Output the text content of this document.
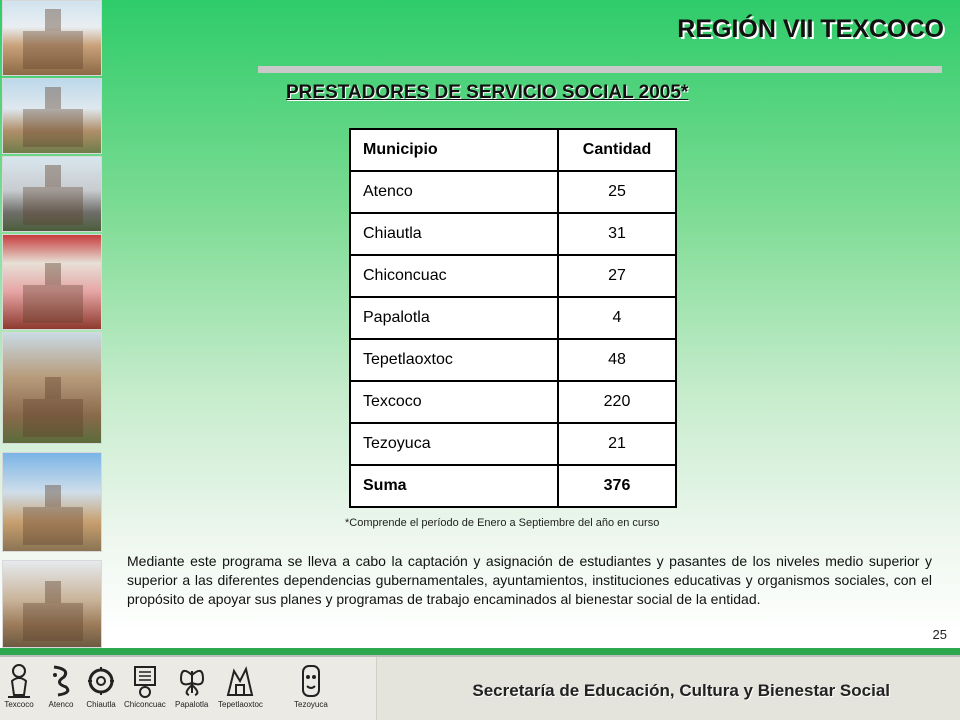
REGIÓN VII TEXCOCO
PRESTADORES DE SERVICIO SOCIAL 2005*
Municipio	Cantidad
Atenco	25
Chiautla	31
Chiconcuac	27
Papalotla	4
Tepetlaoxtoc	48
Texcoco	220
Tezoyuca	21
Suma	376
*Comprende el período de Enero a Septiembre del año en curso
Mediante este programa se lleva a cabo la captación y asignación de estudiantes y pasantes de los niveles medio superior y superior a las diferentes dependencias gubernamentales, ayuntamientos, instituciones educativas y organismos sociales, con el propósito de apoyar sus planes y programas de trabajo encaminados al bienestar social de la entidad.
25
Texcoco	Atenco	Chiautla Chiconcuac Papalotla Tepetlaoxtoc	Tezoyuca
Secretaría de Educación, Cultura y Bienestar Social
